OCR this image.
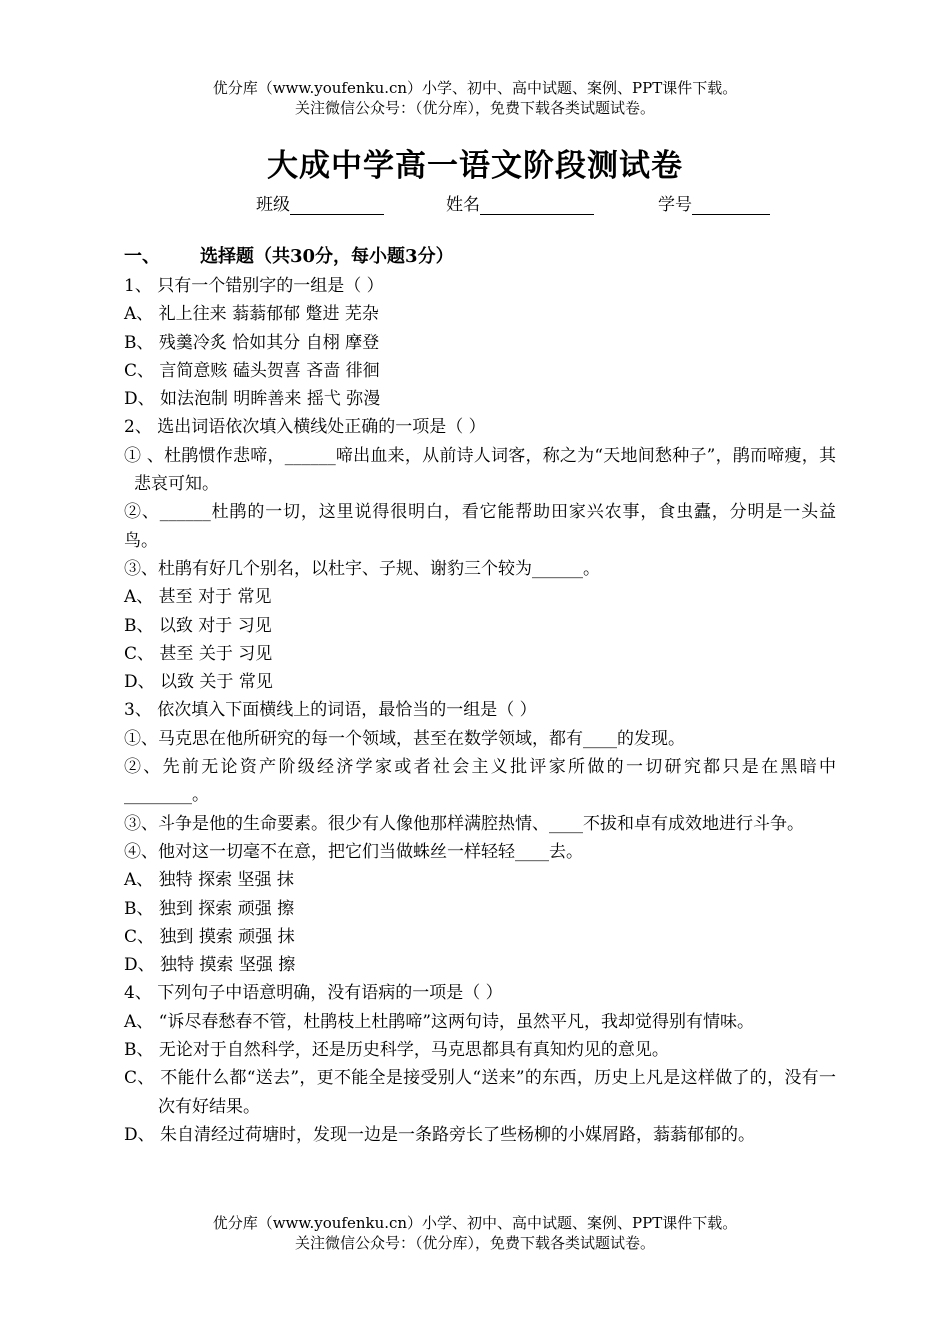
优分库（www.youfenku.cn）小学、初中、高中试题、案例、PPT课件下载。
关注微信公众号：（优分库），免费下载各类试题试卷。
大成中学高一语文阶段测试卷
班级	姓名	学号
一、 选择题（共30分，每小题3分）
1、 只有一个错别字的一组是（ ）
A、 礼上往来 蓊蓊郁郁 蹩进 芜杂
B、 残羹冷炙 恰如其分 自栩 摩登
C、 言简意赅 磕头贺喜 吝啬 徘徊
D、 如法泡制 明眸善来 摇弋 弥漫
2、 选出词语依次填入横线处正确的一项是（ ）
① 、杜鹃惯作悲啼，______啼出血来，从前诗人词客，称之为“天地间愁种子”，鹃而啼瘦，其悲哀可知。
②、______杜鹃的一切，这里说得很明白，看它能帮助田家兴农事，食虫蠹，分明是一头益鸟。
③、杜鹃有好几个别名，以杜宇、子规、谢豹三个较为______。
A、 甚至 对于 常见
B、 以致 对于 习见
C、 甚至 关于 习见
D、 以致 关于 常见
3、 依次填入下面横线上的词语，最恰当的一组是（ ）
①、马克思在他所研究的每一个领域，甚至在数学领域，都有____的发现。
②、先前无论资产阶级经济学家或者社会主义批评家所做的一切研究都只是在黑暗中________。
③、斗争是他的生命要素。很少有人像他那样满腔热情、____不拔和卓有成效地进行斗争。
④、他对这一切毫不在意，把它们当做蛛丝一样轻轻____去。
A、 独特 探索 坚强 抹
B、 独到 探索 顽强 擦
C、 独到 摸索 顽强 抹
D、 独特 摸索 坚强 擦
4、 下列句子中语意明确，没有语病的一项是（ ）
A、 “诉尽春愁春不管，杜鹃枝上杜鹃啼”这两句诗，虽然平凡，我却觉得别有情味。
B、 无论对于自然科学，还是历史科学，马克思都具有真知灼见的意见。
C、 不能什么都“送去”，更不能全是接受别人“送来”的东西，历史上凡是这样做了的，没有一次有好结果。
D、 朱自清经过荷塘时，发现一边是一条路旁长了些杨柳的小媒屑路，蓊蓊郁郁的。
优分库（www.youfenku.cn）小学、初中、高中试题、案例、PPT课件下载。
关注微信公众号：（优分库），免费下载各类试题试卷。
